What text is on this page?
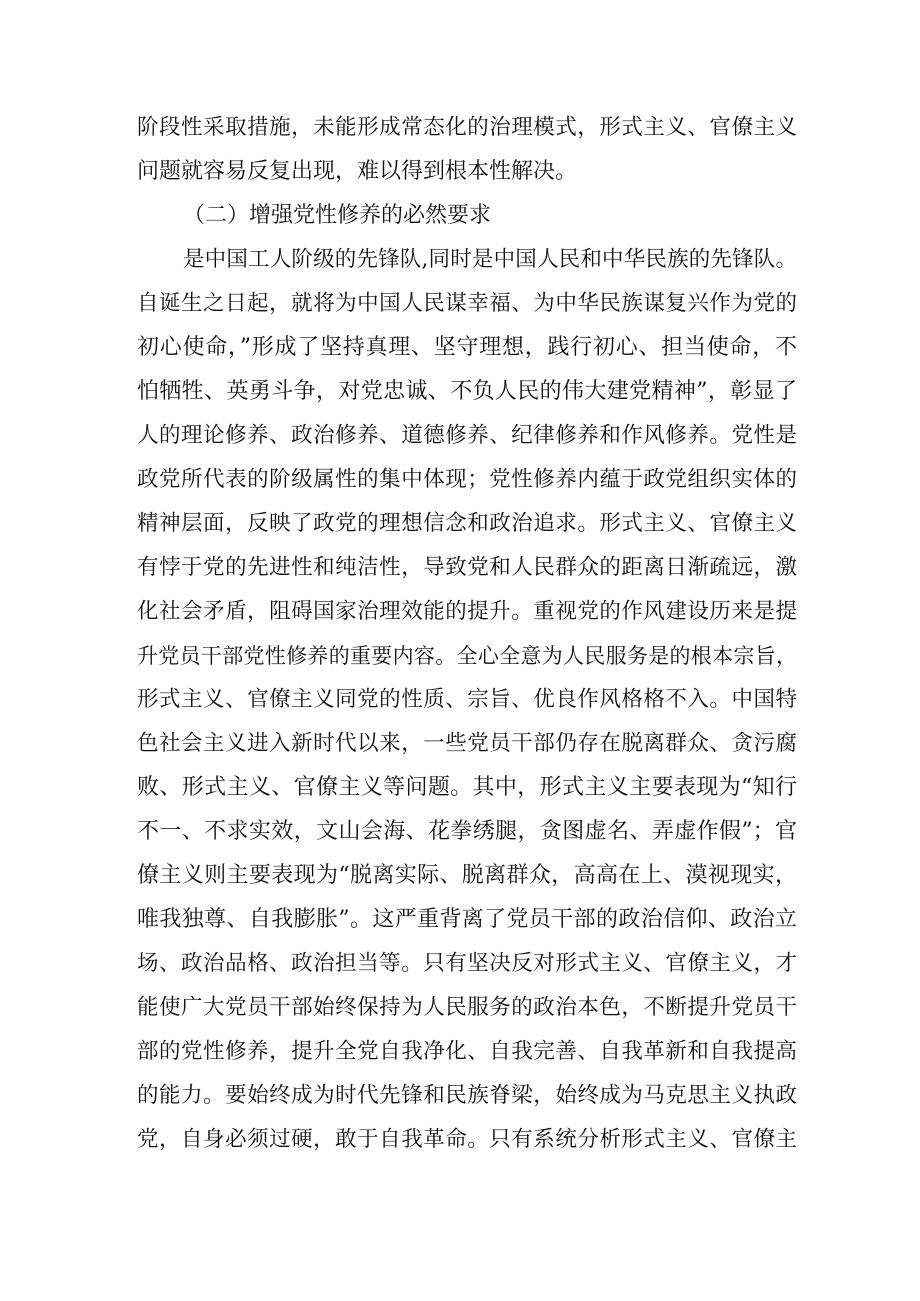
阶段性采取措施，未能形成常态化的治理模式，形式主义、官僚主义
问题就容易反复出现，难以得到根本性解决。
（二）增强党性修养的必然要求
是中国工人阶级的先锋队,同时是中国人民和中华民族的先锋队。
自诞生之日起，就将为中国人民谋幸福、为中华民族谋复兴作为党的
初心使命，”形成了坚持真理、坚守理想，践行初心、担当使命，不
怕牺牲、英勇斗争，对党忠诚、不负人民的伟大建党精神”，彰显了
人的理论修养、政治修养、道德修养、纪律修养和作风修养。党性是
政党所代表的阶级属性的集中体现；党性修养内蕴于政党组织实体的
精神层面，反映了政党的理想信念和政治追求。形式主义、官僚主义
有悖于党的先进性和纯洁性，导致党和人民群众的距离日渐疏远，激
化社会矛盾，阻碍国家治理效能的提升。重视党的作风建设历来是提
升党员干部党性修养的重要内容。全心全意为人民服务是的根本宗旨，
形式主义、官僚主义同党的性质、宗旨、优良作风格格不入。中国特
色社会主义进入新时代以来，一些党员干部仍存在脱离群众、贪污腐
败、形式主义、官僚主义等问题。其中，形式主义主要表现为“知行
不一、不求实效，文山会海、花拳绣腿，贪图虚名、弄虚作假”；官
僚主义则主要表现为“脱离实际、脱离群众，高高在上、漠视现实，
唯我独尊、自我膨胀”。这严重背离了党员干部的政治信仰、政治立
场、政治品格、政治担当等。只有坚决反对形式主义、官僚主义，才
能使广大党员干部始终保持为人民服务的政治本色，不断提升党员干
部的党性修养，提升全党自我净化、自我完善、自我革新和自我提高
的能力。要始终成为时代先锋和民族脊梁，始终成为马克思主义执政
党，自身必须过硬，敢于自我革命。只有系统分析形式主义、官僚主
